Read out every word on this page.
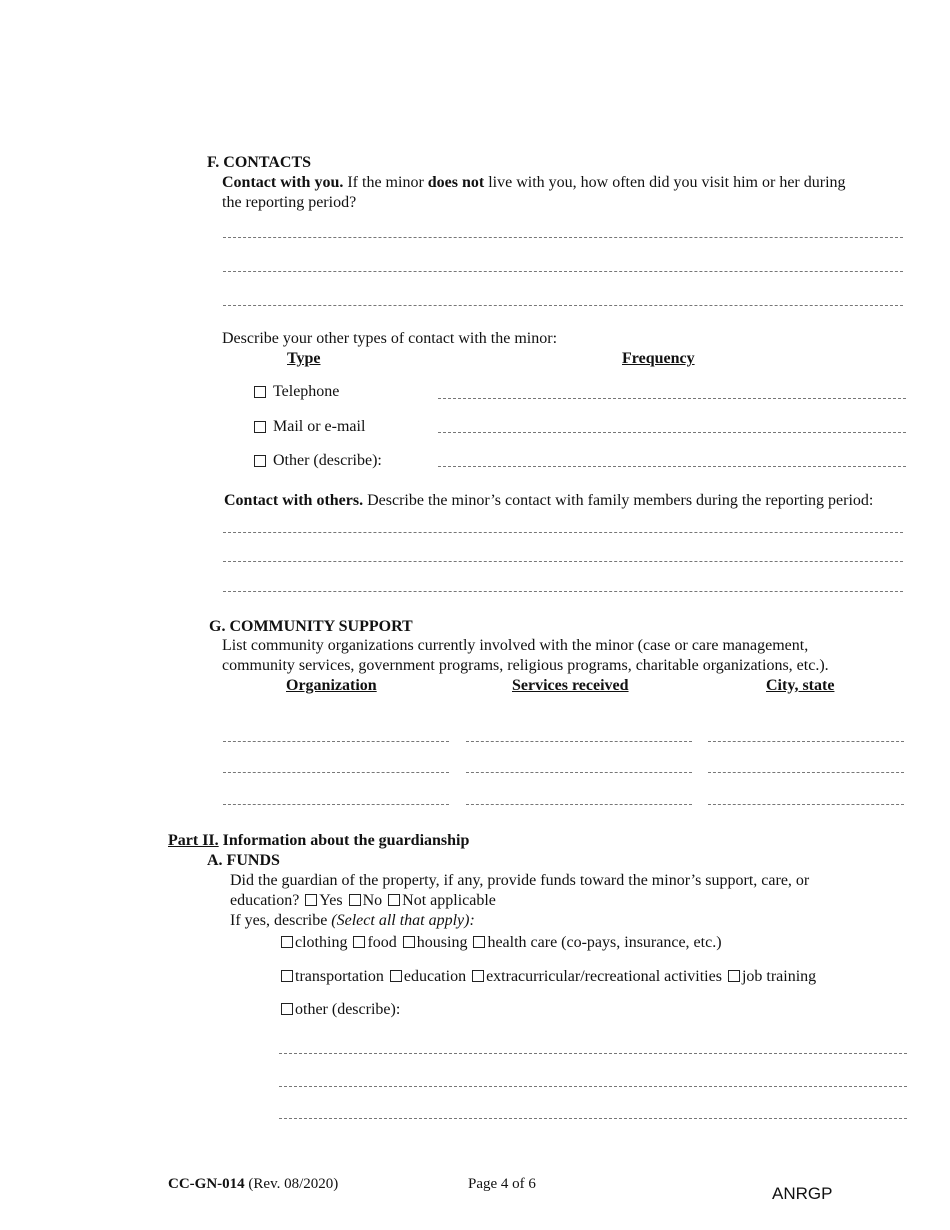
F. CONTACTS
Contact with you. If the minor does not live with you, how often did you visit him or her during
the reporting period?
Describe your other types of contact with the minor:
Type	Frequency
Telephone
Mail or e-mail
Other (describe):
Contact with others. Describe the minor’s contact with family members during the reporting period:
G. COMMUNITY SUPPORT
List community organizations currently involved with the minor (case or care management,
community services, government programs, religious programs, charitable organizations, etc.).
Organization	Services received	City, state
Part II. Information about the guardianship
A. FUNDS
Did the guardian of the property, if any, provide funds toward the minor’s support, care, or
education? Yes No Not applicable
If yes, describe (Select all that apply):
clothing food housing health care (co-pays, insurance, etc.)
transportation education extracurricular/recreational activities job training
other (describe):
CC-GN-014 (Rev. 08/2020)	Page 4 of 6	ANRGP
